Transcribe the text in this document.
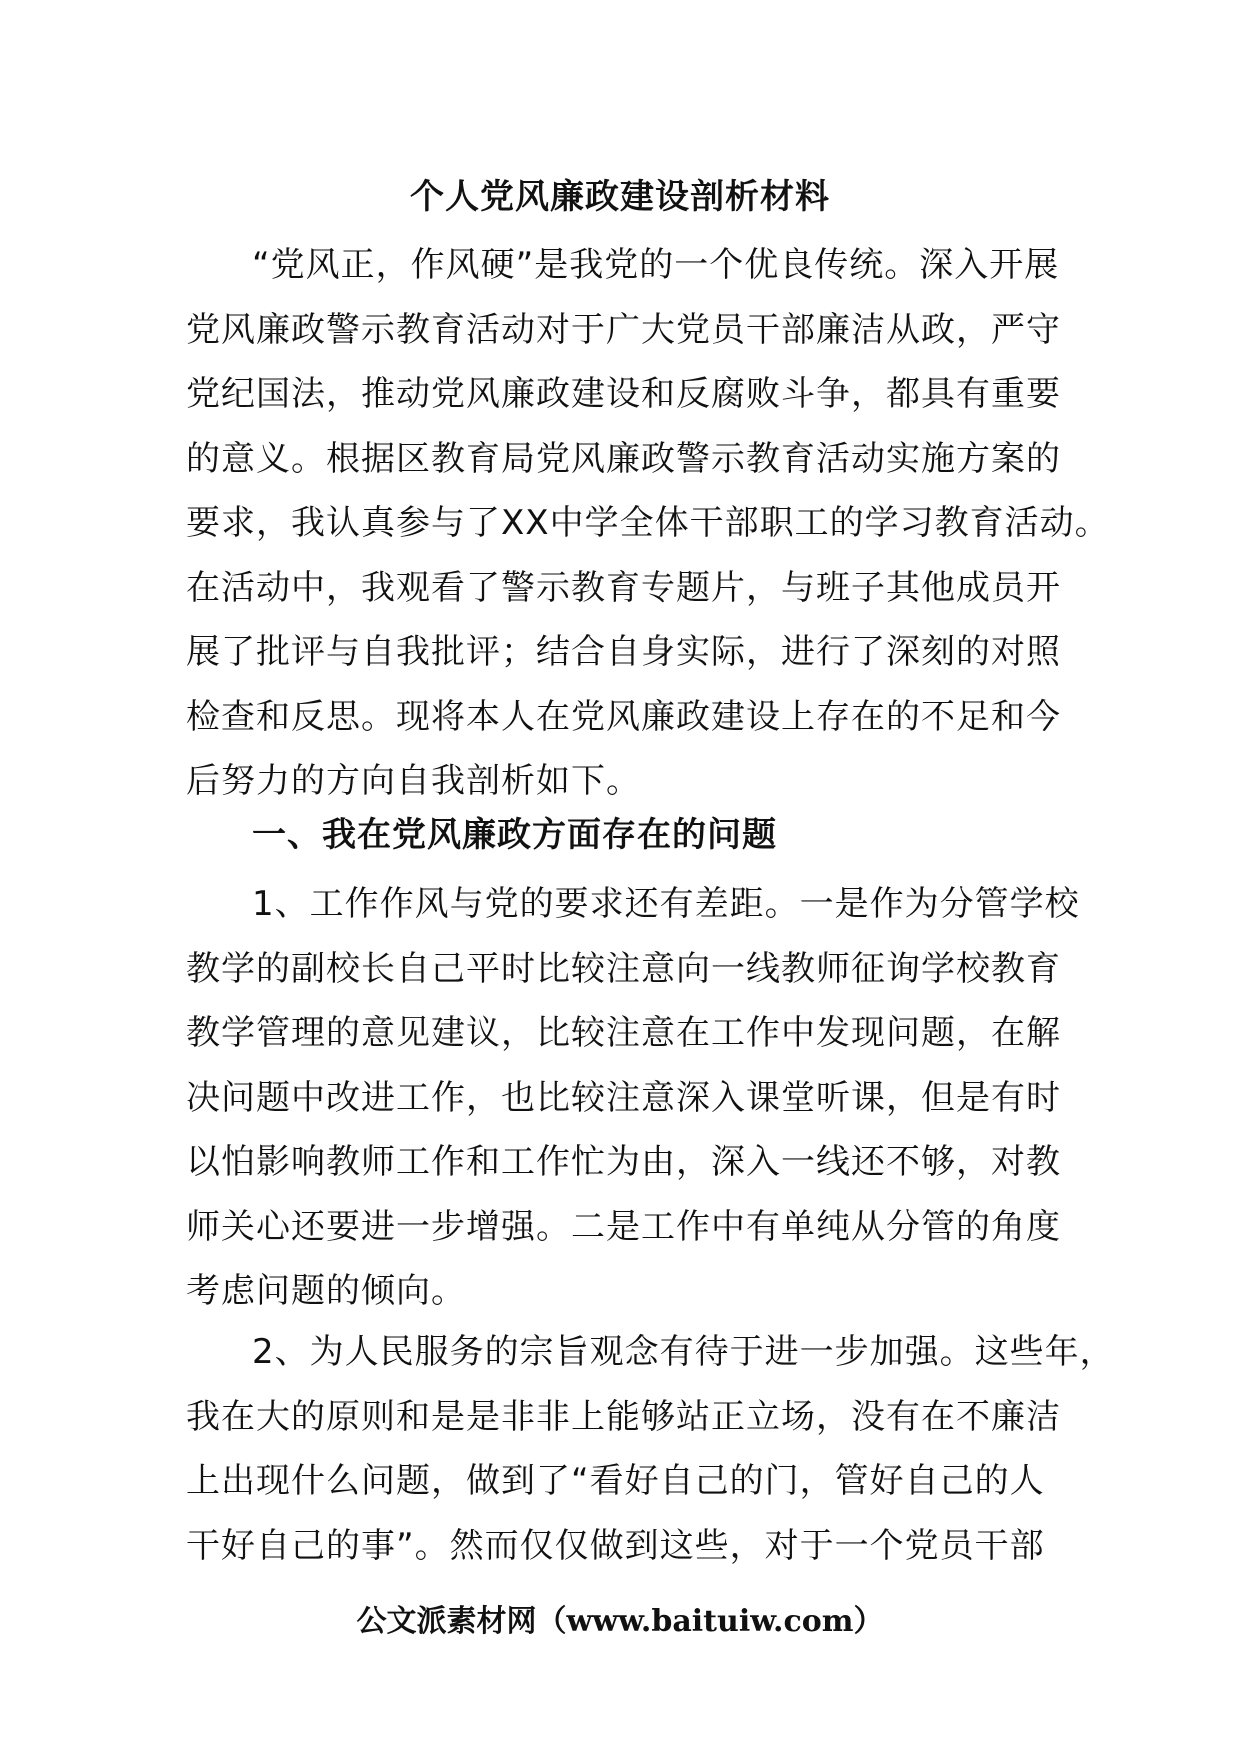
个人党风廉政建设剖析材料
“党风正，作风硬”是我党的一个优良传统。深入开展
党风廉政警示教育活动对于广大党员干部廉洁从政，严守
党纪国法，推动党风廉政建设和反腐败斗争，都具有重要
的意义。根据区教育局党风廉政警示教育活动实施方案的
要求，我认真参与了XX中学全体干部职工的学习教育活动。
在活动中，我观看了警示教育专题片，与班子其他成员开
展了批评与自我批评；结合自身实际，进行了深刻的对照
检查和反思。现将本人在党风廉政建设上存在的不足和今
后努力的方向自我剖析如下。
一、我在党风廉政方面存在的问题
1、工作作风与党的要求还有差距。一是作为分管学校
教学的副校长自己平时比较注意向一线教师征询学校教育
教学管理的意见建议，比较注意在工作中发现问题，在解
决问题中改进工作，也比较注意深入课堂听课，但是有时
以怕影响教师工作和工作忙为由，深入一线还不够，对教
师关心还要进一步增强。二是工作中有单纯从分管的角度
考虑问题的倾向。
2、为人民服务的宗旨观念有待于进一步加强。这些年，
我在大的原则和是是非非上能够站正立场，没有在不廉洁
上出现什么问题，做到了“看好自己的门，管好自己的人
干好自己的事”。然而仅仅做到这些，对于一个党员干部
公文派素材网（www.baituiw.com）
